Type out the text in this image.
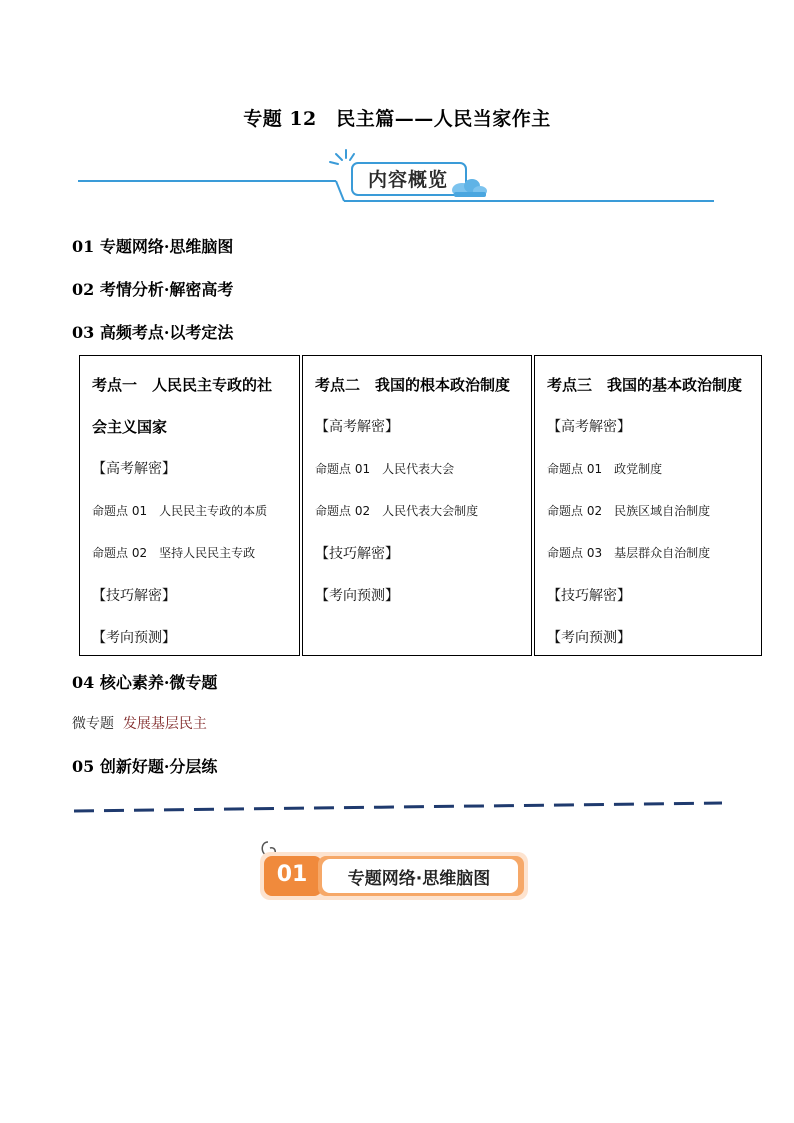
专题 12　民主篇——人民当家作主
内容概览
01 专题网络·思维脑图
02 考情分析·解密高考
03 高频考点·以考定法
考点一　人民民主专政的社
会主义国家
【高考解密】
命题点 01　人民民主专政的本质
命题点 02　坚持人民民主专政
【技巧解密】
【考向预测】
考点二　我国的根本政治制度
【高考解密】
命题点 01　人民代表大会
命题点 02　人民代表大会制度
【技巧解密】
【考向预测】
考点三　我国的基本政治制度
【高考解密】
命题点 01　政党制度
命题点 02　民族区域自治制度
命题点 03　基层群众自治制度
【技巧解密】
【考向预测】
04 核心素养·微专题
微专题 发展基层民主
05 创新好题·分层练
01	专题网络·思维脑图
